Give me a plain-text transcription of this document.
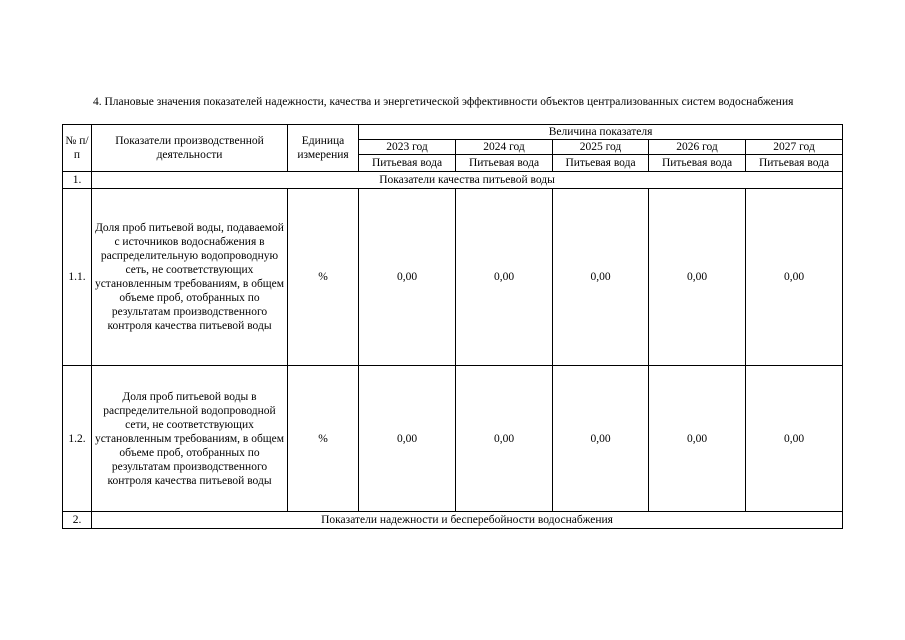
4. Плановые значения показателей надежности, качества и энергетической эффективности объектов централизованных систем водоснабжения
№ п/п	Показатели производственной деятельности	Единица измерения	Величина показателя				
			2023 год	2024 год	2025 год	2026 год	2027 год
			Питьевая вода	Питьевая вода	Питьевая вода	Питьевая вода	Питьевая вода
1.	Показатели качества питьевой воды						
1.1.	Доля проб питьевой воды, подаваемой с источников водоснабжения в распределительную водопроводную сеть, не соответствующих установленным требованиям, в общем объеме проб, отобранных по результатам производственного контроля качества питьевой воды	%	0,00	0,00	0,00	0,00	0,00
1.2.	Доля проб питьевой воды в распределительной водопроводной сети, не соответствующих установленным требованиям, в общем объеме проб, отобранных по результатам производственного контроля качества питьевой воды	%	0,00	0,00	0,00	0,00	0,00
2.	Показатели надежности и бесперебойности водоснабжения						
